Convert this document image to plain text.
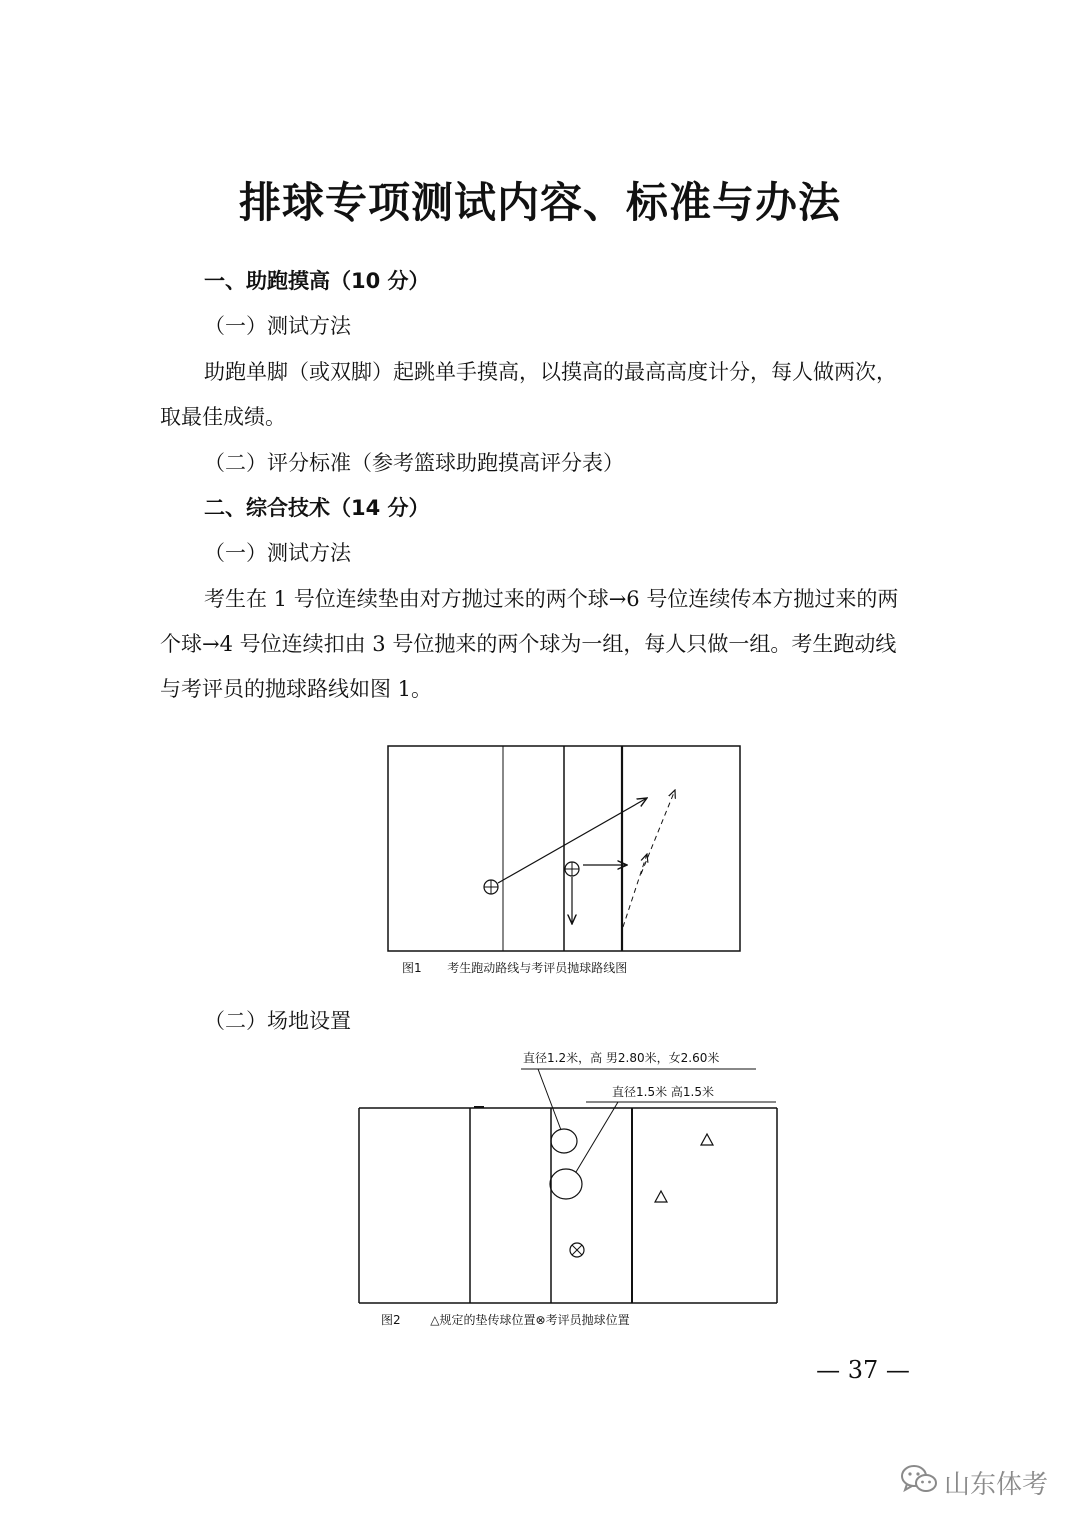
排球专项测试内容、标准与办法
一、助跑摸高（10 分）
（一）测试方法
助跑单脚（或双脚）起跳单手摸高，以摸高的最高高度计分，每人做两次，
取最佳成绩。
（二）评分标准（参考篮球助跑摸高评分表）
二、综合技术（14 分）
（一）测试方法
考生在 1 号位连续垫由对方抛过来的两个球→6 号位连续传本方抛过来的两
个球→4 号位连续扣由 3 号位抛来的两个球为一组，每人只做一组。考生跑动线
与考评员的抛球路线如图 1。
图1 考生跑动路线与考评员抛球路线图
（二）场地设置
直径1.2米，高 男2.80米，女2.60米
直径1.5米 高1.5米
图2 △规定的垫传球位置⊗考评员抛球位置
— 37 —
山东体考
